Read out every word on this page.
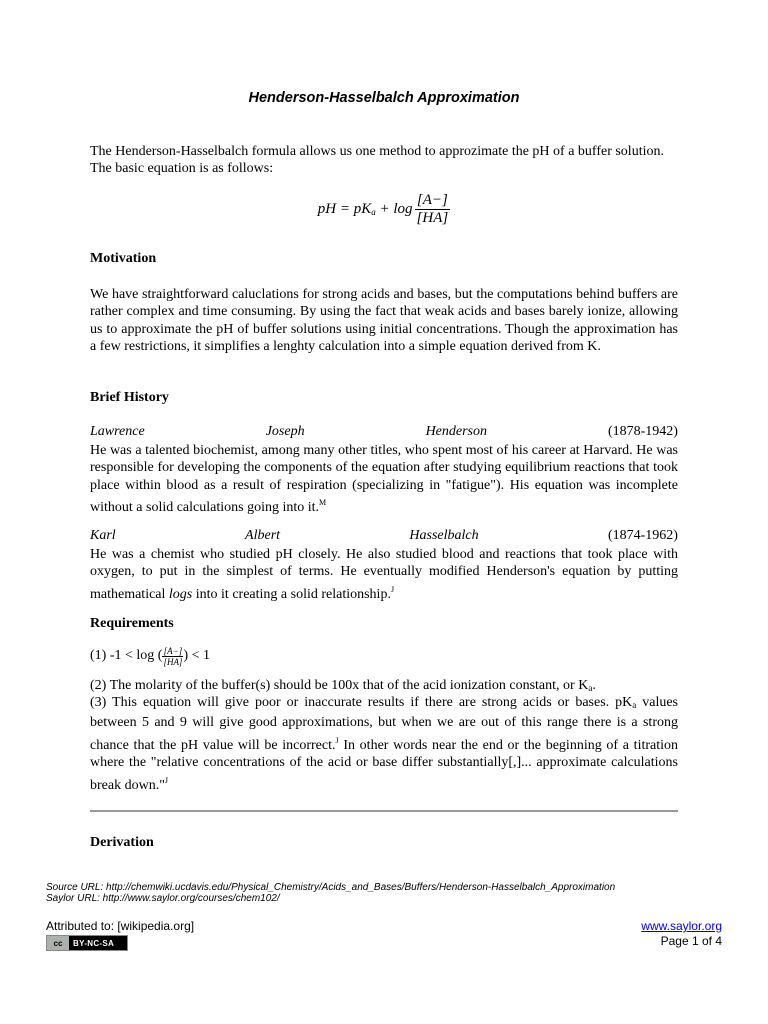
Henderson-Hasselbalch Approximation
The Henderson-Hasselbalch formula allows us one method to approzimate the pH of a buffer solution. The basic equation is as follows:
pH = $pK_a + \log \frac{[A-]}{[HA]}$
Motivation
We have straightforward caluclations for strong acids and bases, but the computations behind buffers are rather complex and time consuming. By using the fact that weak acids and bases barely ionize, allowing us to approximate the pH of buffer solutions using initial concentrations. Though the approximation has a few restrictions, it simplifies a lenghty calculation into a simple equation derived from K.
Brief History
Lawrence	Joseph	Henderson	(1878-1942)
He was a talented biochemist, among many other titles, who spent most of his career at Harvard. He was responsible for developing the components of the equation after studying equilibrium reactions that took place within blood as a result of respiration (specializing in "fatigue"). His equation was incomplete without a solid calculations going into it.$^M$
Karl	Albert	Hasselbalch	(1874-1962)
He was a chemist who studied pH closely. He also studied blood and reactions that took place with oxygen, to put in the simplest of terms. He eventually modified Henderson's equation by putting mathematical logs into it creating a solid relationship.$^J$
Requirements
(1) -1 < log ( $\frac{[A-]}{[HA]}$ ) < 1
(2) The molarity of the buffer(s) should be 100x that of the acid ionization constant, or $K_a$.
(3) This equation will give poor or inaccurate results if there are strong acids or bases. $pK_a$ values between 5 and 9 will give good approximations, but when we are out of this range there is a strong chance that the pH value will be incorrect.$^J$ In other words near the end or the beginning of a titration where the "relative concentrations of the acid or base differ substantially[,]... approximate calculations break down."$^J$
Derivation
Source URL: http://chemwiki.ucdavis.edu/Physical_Chemistry/Acids_and_Bases/Buffers/Henderson-Hasselbalch_Approximation
Saylor URL: http://www.saylor.org/courses/chem102/
Attributed to: [wikipedia.org]
cc	BY-NC-SA
www.saylor.org
Page 1 of 4
